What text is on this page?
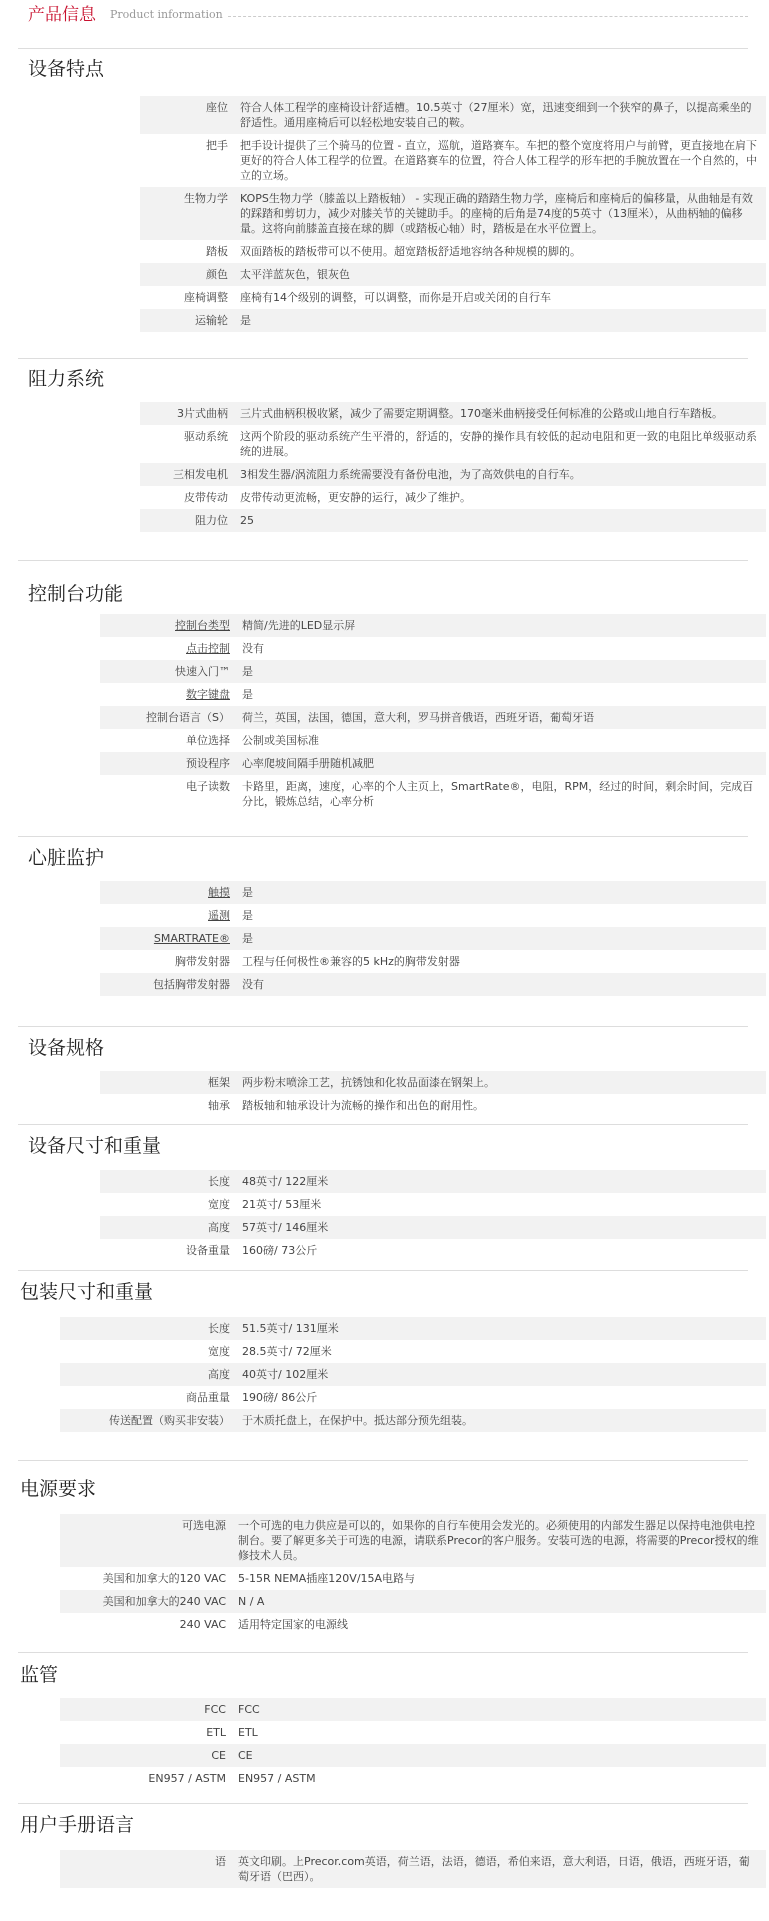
产品信息 Product information
设备特点
座位	符合人体工程学的座椅设计舒适槽。10.5英寸（27厘米）宽，迅速变细到一个狭窄的鼻子，以提高乘坐的舒适性。通用座椅后可以轻松地安装自己的鞍。
把手	把手设计提供了三个骑马的位置 - 直立，巡航，道路赛车。车把的整个宽度将用户与前臂，更直接地在肩下更好的符合人体工程学的位置。在道路赛车的位置，符合人体工程学的形车把的手腕放置在一个自然的，中立的立场。
生物力学	KOPS生物力学（膝盖以上踏板轴） - 实现正确的踏踏生物力学，座椅后和座椅后的偏移量，从曲轴是有效的踩踏和剪切力，减少对膝关节的关键助手。的座椅的后角是74度的5英寸（13厘米），从曲柄轴的偏移量。这将向前膝盖直接在球的脚（或踏板心轴）时，踏板是在水平位置上。
踏板	双面踏板的踏板带可以不使用。超宽踏板舒适地容纳各种规模的脚的。
颜色	太平洋蓝灰色，银灰色
座椅调整	座椅有14个级别的调整，可以调整，而你是开启或关闭的自行车
运输轮	是
阻力系统
3片式曲柄	三片式曲柄积极收紧，减少了需要定期调整。170毫米曲柄接受任何标准的公路或山地自行车踏板。
驱动系统	这两个阶段的驱动系统产生平滑的，舒适的，安静的操作具有较低的起动电阻和更一致的电阻比单级驱动系统的进展。
三相发电机	3相发生器/涡流阻力系统需要没有备份电池，为了高效供电的自行车。
皮带传动	皮带传动更流畅，更安静的运行，减少了维护。
阻力位	25
控制台功能
控制台类型	精简/先进的LED显示屏
点击控制	没有
快速入门™	是
数字键盘	是
控制台语言（S）	荷兰，英国，法国，德国，意大利，罗马拼音俄语，西班牙语，葡萄牙语
单位选择	公制或美国标准
预设程序	心率爬坡间隔手册随机减肥
电子读数	卡路里，距离，速度，心率的个人主页上，SmartRate®，电阻，RPM，经过的时间，剩余时间，完成百分比，锻炼总结，心率分析
心脏监护
触摸	是
遥测	是
SMARTRATE®	是
胸带发射器	工程与任何极性®兼容的5 kHz的胸带发射器
包括胸带发射器	没有
设备规格
框架	两步粉末喷涂工艺，抗锈蚀和化妆品面漆在钢架上。
轴承	踏板轴和轴承设计为流畅的操作和出色的耐用性。
设备尺寸和重量
长度	48英寸/ 122厘米
宽度	21英寸/ 53厘米
高度	57英寸/ 146厘米
设备重量	160磅/ 73公斤
包装尺寸和重量
长度	51.5英寸/ 131厘米
宽度	28.5英寸/ 72厘米
高度	40英寸/ 102厘米
商品重量	190磅/ 86公斤
传送配置（购买非安装）	于木质托盘上，在保护中。抵达部分预先组装。
电源要求
可选电源	一个可选的电力供应是可以的，如果你的自行车使用会发光的。必须使用的内部发生器足以保持电池供电控制台。要了解更多关于可选的电源，请联系Precor的客户服务。安装可选的电源，将需要的Precor授权的维修技术人员。
美国和加拿大的120 VAC	5-15R NEMA插座120V/15A电路与
美国和加拿大的240 VAC	N / A
240 VAC	适用特定国家的电源线
监管
FCC	FCC
ETL	ETL
CE	CE
EN957 / ASTM	EN957 / ASTM
用户手册语言
语	英文印刷。上Precor.com英语，荷兰语，法语，德语，希伯来语，意大利语，日语，俄语，西班牙语，葡萄牙语（巴西）。
